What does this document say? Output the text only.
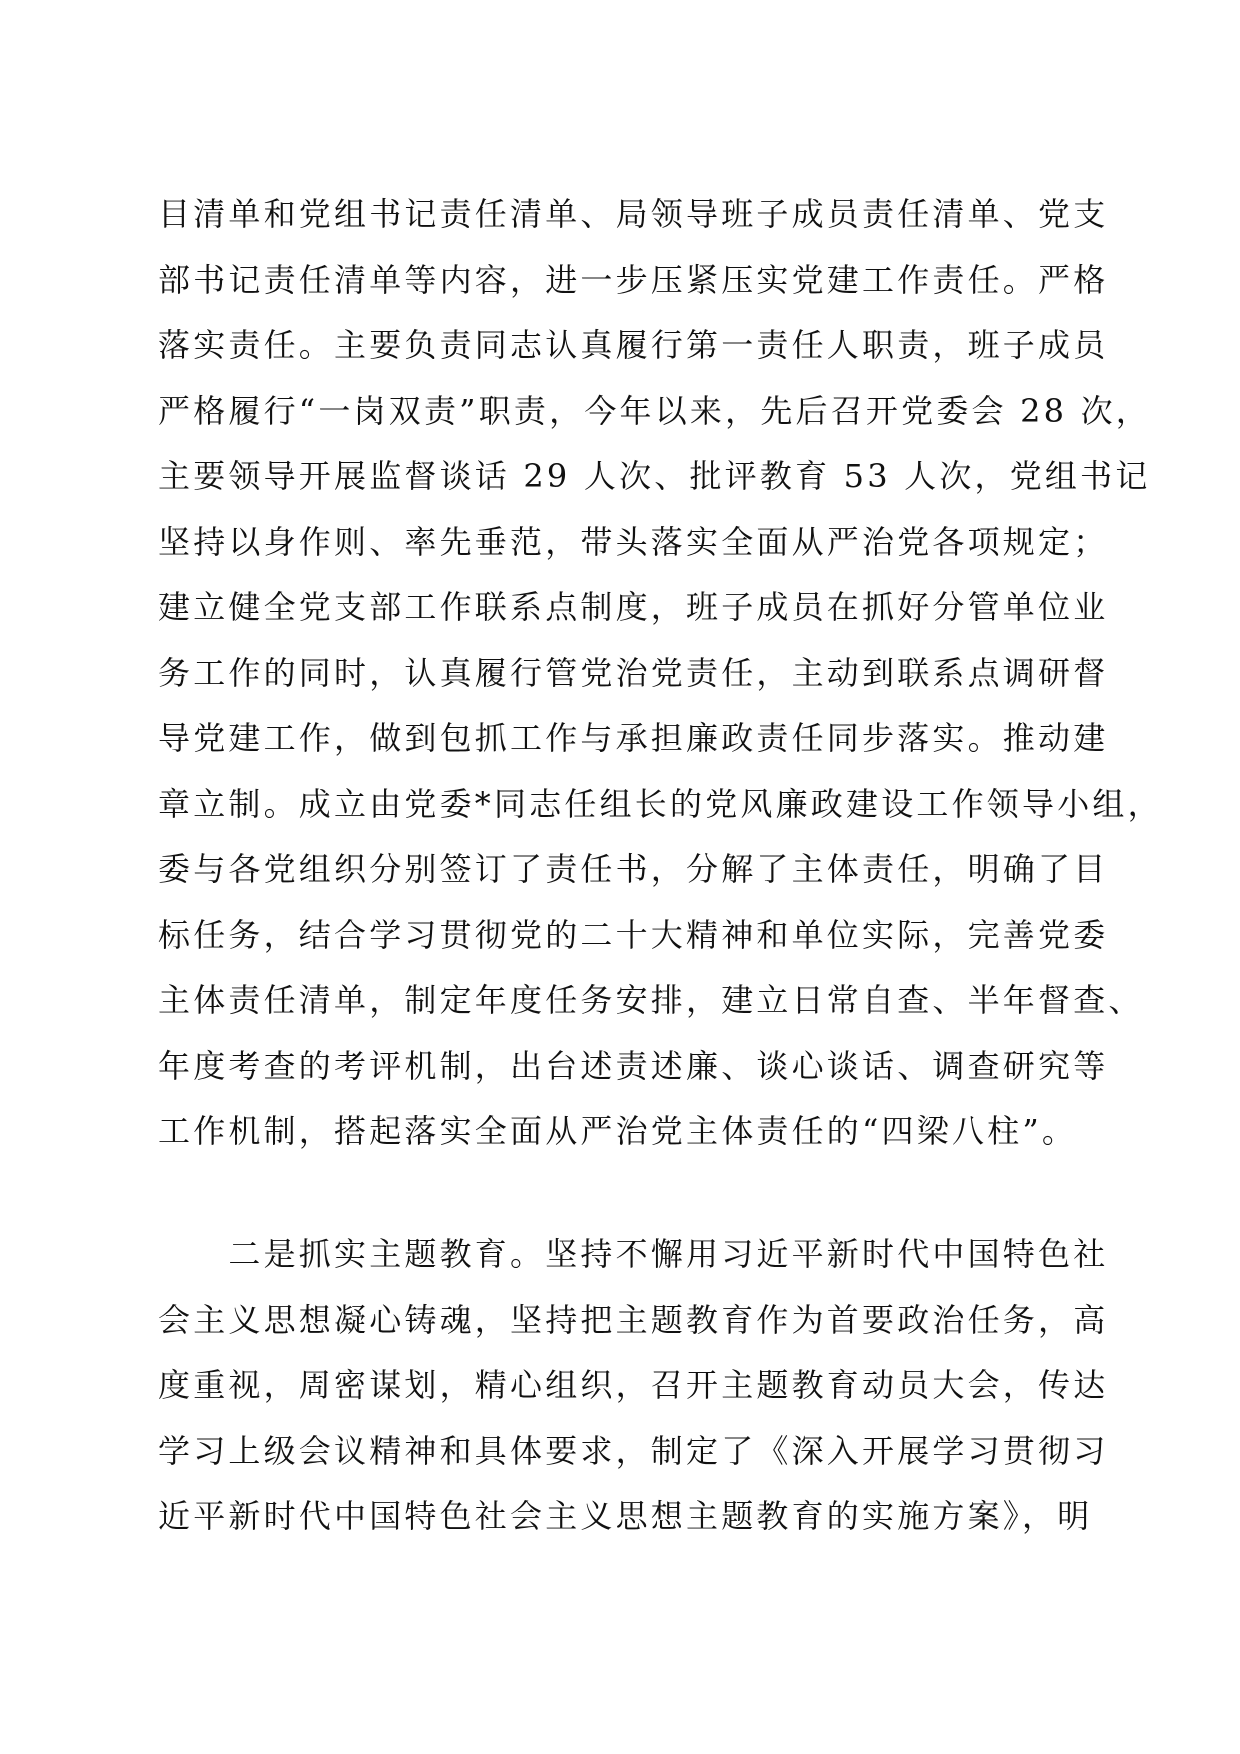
目清单和党组书记责任清单、局领导班子成员责任清单、党支
部书记责任清单等内容，进一步压紧压实党建工作责任。严格
落实责任。主要负责同志认真履行第一责任人职责，班子成员
严格履行“一岗双责”职责，今年以来，先后召开党委会 28 次，
主要领导开展监督谈话 29 人次、批评教育 53 人次，党组书记
坚持以身作则、率先垂范，带头落实全面从严治党各项规定；
建立健全党支部工作联系点制度，班子成员在抓好分管单位业
务工作的同时，认真履行管党治党责任，主动到联系点调研督
导党建工作，做到包抓工作与承担廉政责任同步落实。推动建
章立制。成立由党委*同志任组长的党风廉政建设工作领导小组，
委与各党组织分别签订了责任书，分解了主体责任，明确了目
标任务，结合学习贯彻党的二十大精神和单位实际，完善党委
主体责任清单，制定年度任务安排，建立日常自查、半年督查、
年度考查的考评机制，出台述责述廉、谈心谈话、调查研究等
工作机制，搭起落实全面从严治党主体责任的“四梁八柱”。
　　二是抓实主题教育。坚持不懈用习近平新时代中国特色社
会主义思想凝心铸魂，坚持把主题教育作为首要政治任务，高
度重视，周密谋划，精心组织，召开主题教育动员大会，传达
学习上级会议精神和具体要求，制定了《深入开展学习贯彻习
近平新时代中国特色社会主义思想主题教育的实施方案》，明
